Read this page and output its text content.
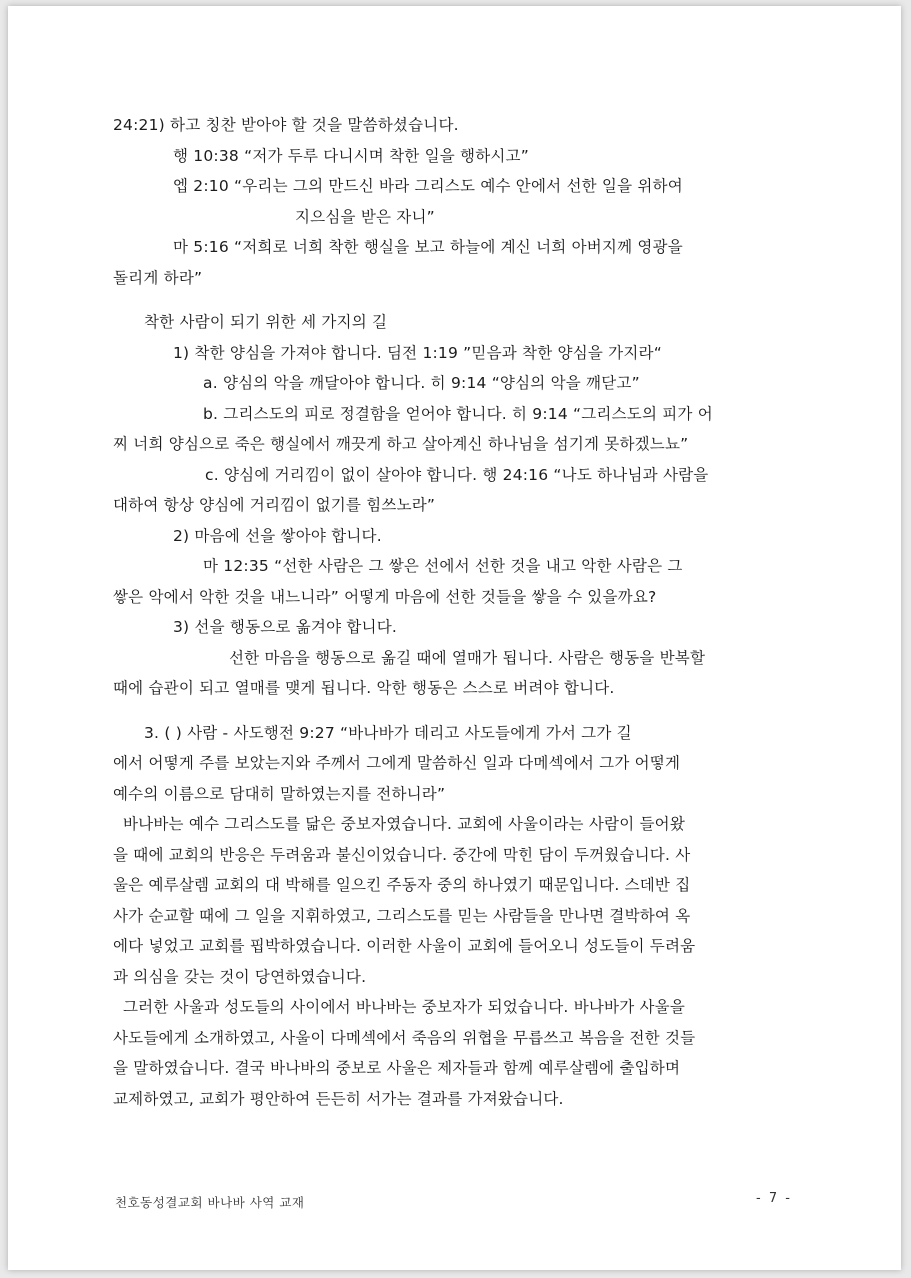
24:21) 하고 칭찬 받아야 할 것을 말씀하셨습니다.
행 10:38 “저가 두루 다니시며 착한 일을 행하시고”
엡 2:10 “우리는 그의 만드신 바라 그리스도 예수 안에서 선한 일을 위하여
지으심을 받은 자니”
마 5:16 “저희로 너희 착한 행실을 보고 하늘에 계신 너희 아버지께 영광을
돌리게 하라”
착한 사람이 되기 위한 세 가지의 길
1) 착한 양심을 가져야 합니다. 딤전 1:19 ”믿음과 착한 양심을 가지라“
a. 양심의 악을 깨달아야 합니다. 히 9:14 “양심의 악을 깨닫고”
b. 그리스도의 피로 정결함을 얻어야 합니다. 히 9:14 “그리스도의 피가 어
찌 너희 양심으로 죽은 행실에서 깨끗게 하고 살아계신 하나님을 섬기게 못하겠느뇨”
c. 양심에 거리낌이 없이 살아야 합니다. 행 24:16 “나도 하나님과 사람을
대하여 항상 양심에 거리낌이 없기를 힘쓰노라”
2) 마음에 선을 쌓아야 합니다.
마 12:35 “선한 사람은 그 쌓은 선에서 선한 것을 내고 악한 사람은 그
쌓은 악에서 악한 것을 내느니라” 어떻게 마음에 선한 것들을 쌓을 수 있을까요?
3) 선을 행동으로 옮겨야 합니다.
선한 마음을 행동으로 옮길 때에 열매가 됩니다. 사람은 행동을 반복할
때에 습관이 되고 열매를 맺게 됩니다. 악한 행동은 스스로 버려야 합니다.
3. ( ) 사람 - 사도행전 9:27 “바나바가 데리고 사도들에게 가서 그가 길
에서 어떻게 주를 보았는지와 주께서 그에게 말씀하신 일과 다메섹에서 그가 어떻게
예수의 이름으로 담대히 말하였는지를 전하니라”
바나바는 예수 그리스도를 닮은 중보자였습니다. 교회에 사울이라는 사람이 들어왔
을 때에 교회의 반응은 두려움과 불신이었습니다. 중간에 막힌 담이 두꺼웠습니다. 사
울은 예루살렘 교회의 대 박해를 일으킨 주동자 중의 하나였기 때문입니다. 스데반 집
사가 순교할 때에 그 일을 지휘하였고, 그리스도를 믿는 사람들을 만나면 결박하여 옥
에다 넣었고 교회를 핍박하였습니다. 이러한 사울이 교회에 들어오니 성도들이 두려움
과 의심을 갖는 것이 당연하였습니다.
그러한 사울과 성도들의 사이에서 바나바는 중보자가 되었습니다. 바나바가 사울을
사도들에게 소개하였고, 사울이 다메섹에서 죽음의 위협을 무릅쓰고 복음을 전한 것들
을 말하였습니다. 결국 바나바의 중보로 사울은 제자들과 함께 예루살렘에 출입하며
교제하였고, 교회가 평안하여 든든히 서가는 결과를 가져왔습니다.
천호동성결교회 바나바 사역 교재	- 7 -
